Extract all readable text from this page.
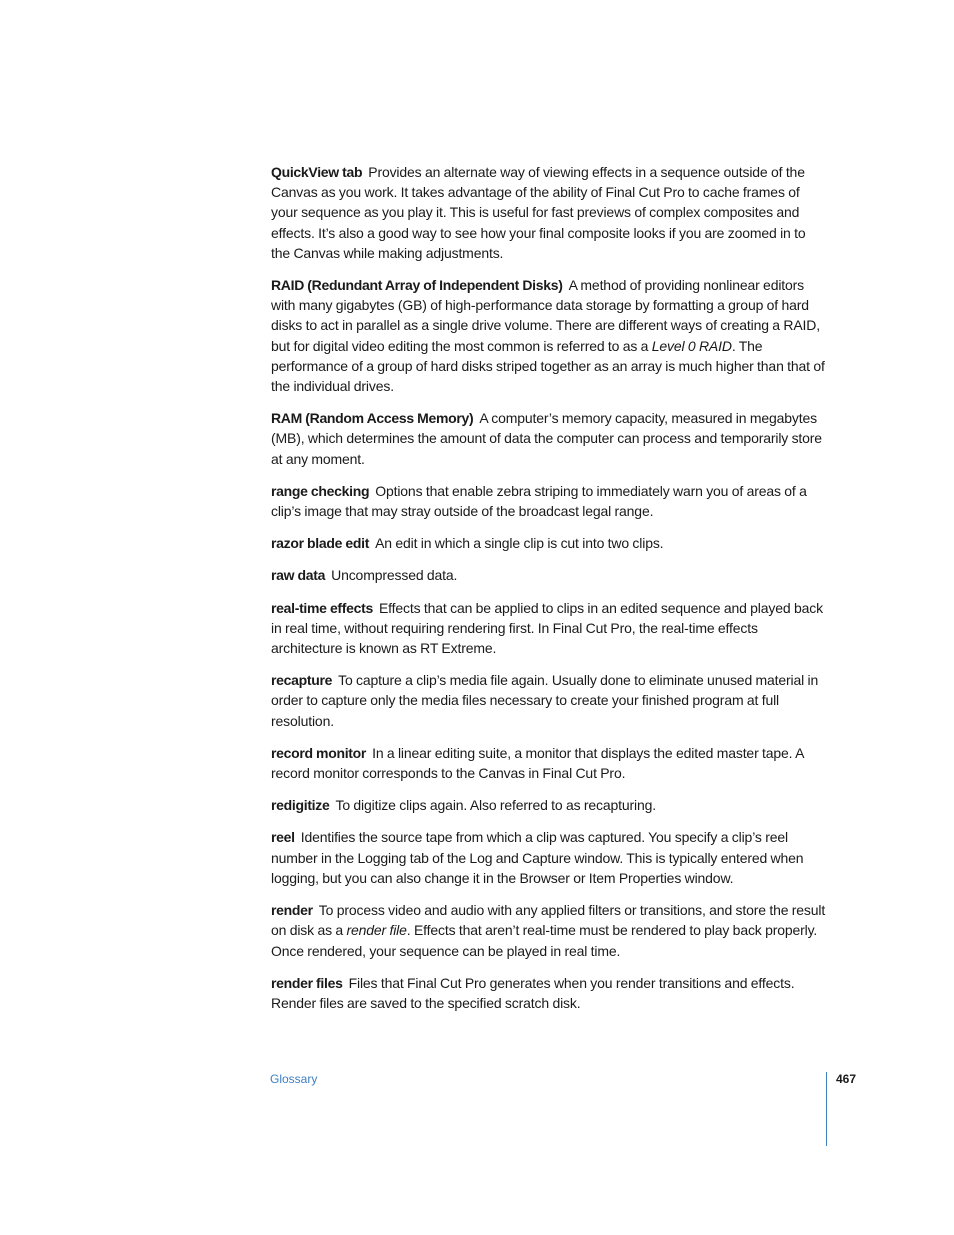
QuickView tab Provides an alternate way of viewing effects in a sequence outside of the Canvas as you work. It takes advantage of the ability of Final Cut Pro to cache frames of your sequence as you play it. This is useful for fast previews of complex composites and effects. It’s also a good way to see how your final composite looks if you are zoomed in to the Canvas while making adjustments.

RAID (Redundant Array of Independent Disks) A method of providing nonlinear editors with many gigabytes (GB) of high-performance data storage by formatting a group of hard disks to act in parallel as a single drive volume. There are different ways of creating a RAID, but for digital video editing the most common is referred to as a Level 0 RAID. The performance of a group of hard disks striped together as an array is much higher than that of the individual drives.

RAM (Random Access Memory) A computer’s memory capacity, measured in megabytes (MB), which determines the amount of data the computer can process and temporarily store at any moment.

range checking Options that enable zebra striping to immediately warn you of areas of a clip’s image that may stray outside of the broadcast legal range.

razor blade edit An edit in which a single clip is cut into two clips.

raw data Uncompressed data.

real-time effects Effects that can be applied to clips in an edited sequence and played back in real time, without requiring rendering first. In Final Cut Pro, the real-time effects architecture is known as RT Extreme.

recapture To capture a clip’s media file again. Usually done to eliminate unused material in order to capture only the media files necessary to create your finished program at full resolution.

record monitor In a linear editing suite, a monitor that displays the edited master tape. A record monitor corresponds to the Canvas in Final Cut Pro.

redigitize To digitize clips again. Also referred to as recapturing.

reel Identifies the source tape from which a clip was captured. You specify a clip’s reel number in the Logging tab of the Log and Capture window. This is typically entered when logging, but you can also change it in the Browser or Item Properties window.

render To process video and audio with any applied filters or transitions, and store the result on disk as a render file. Effects that aren’t real-time must be rendered to play back properly. Once rendered, your sequence can be played in real time.

render files Files that Final Cut Pro generates when you render transitions and effects. Render files are saved to the specified scratch disk.

Glossary	467
